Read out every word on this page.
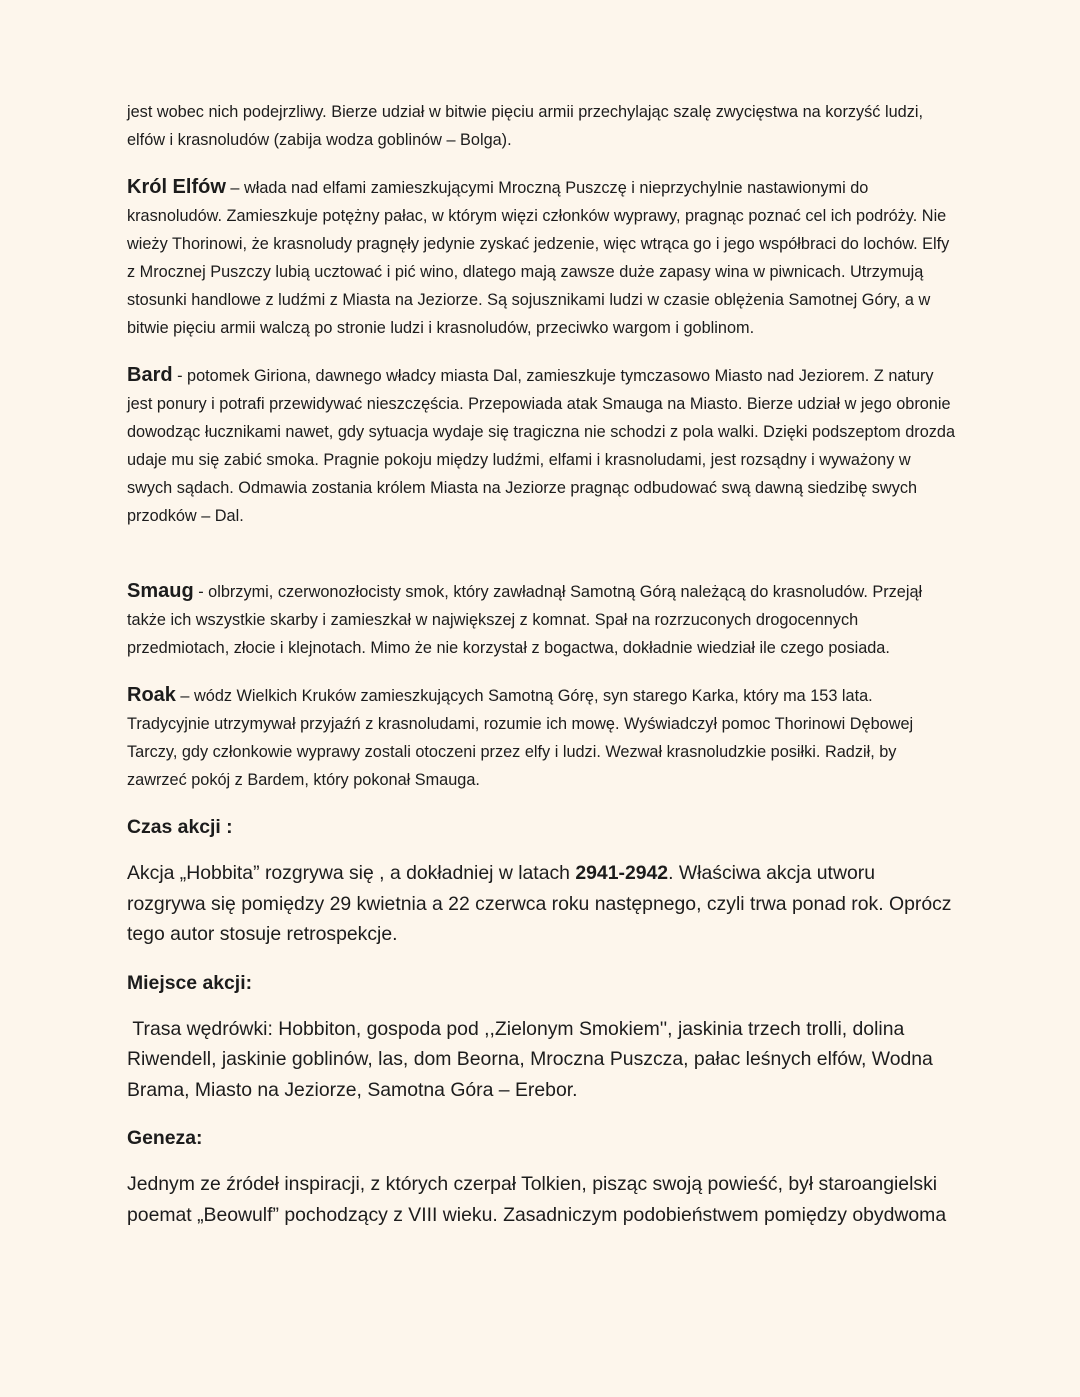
jest wobec nich podejrzliwy. Bierze udział w bitwie pięciu armii przechylając szalę zwycięstwa na korzyść ludzi, elfów i krasnoludów (zabija wodza goblinów – Bolga).

Król Elfów – włada nad elfami zamieszkującymi Mroczną Puszczę i nieprzychylnie nastawionymi do krasnoludów. Zamieszkuje potężny pałac, w którym więzi członków wyprawy, pragnąc poznać cel ich podróży. Nie wieży Thorinowi, że krasnoludy pragnęły jedynie zyskać jedzenie, więc wtrąca go i jego współbraci do lochów. Elfy z Mrocznej Puszczy lubią ucztować i pić wino, dlatego mają zawsze duże zapasy wina w piwnicach. Utrzymują stosunki handlowe z ludźmi z Miasta na Jeziorze. Są sojusznikami ludzi w czasie oblężenia Samotnej Góry, a w bitwie pięciu armii walczą po stronie ludzi i krasnoludów, przeciwko wargom i goblinom.

Bard - potomek Giriona, dawnego władcy miasta Dal, zamieszkuje tymczasowo Miasto nad Jeziorem. Z natury jest ponury i potrafi przewidywać nieszczęścia. Przepowiada atak Smauga na Miasto. Bierze udział w jego obronie dowodząc łucznikami nawet, gdy sytuacja wydaje się tragiczna nie schodzi z pola walki. Dzięki podszeptom drozda udaje mu się zabić smoka. Pragnie pokoju między ludźmi, elfami i krasnoludami, jest rozsądny i wyważony w swych sądach. Odmawia zostania królem Miasta na Jeziorze pragnąc odbudować swą dawną siedzibę swych przodków – Dal.

Smaug - olbrzymi, czerwonozłocisty smok, który zawładnął Samotną Górą należącą do krasnoludów. Przejął także ich wszystkie skarby i zamieszkał w największej z komnat. Spał na rozrzuconych drogocennych przedmiotach, złocie i klejnotach. Mimo że nie korzystał z bogactwa, dokładnie wiedział ile czego posiada.

Roak – wódz Wielkich Kruków zamieszkujących Samotną Górę, syn starego Karka, który ma 153 lata. Tradycyjnie utrzymywał przyjaźń z krasnoludami, rozumie ich mowę. Wyświadczył pomoc Thorinowi Dębowej Tarczy, gdy członkowie wyprawy zostali otoczeni przez elfy i ludzi. Wezwał krasnoludzkie posiłki. Radził, by zawrzeć pokój z Bardem, który pokonał Smauga.

Czas akcji :

Akcja „Hobbita” rozgrywa się , a dokładniej w latach 2941-2942. Właściwa akcja utworu rozgrywa się pomiędzy 29 kwietnia a 22 czerwca roku następnego, czyli trwa ponad rok. Oprócz tego autor stosuje retrospekcje.

Miejsce akcji:

Trasa wędrówki: Hobbiton, gospoda pod ,,Zielonym Smokiem'', jaskinia trzech trolli, dolina Riwendell, jaskinie goblinów, las, dom Beorna, Mroczna Puszcza, pałac leśnych elfów, Wodna Brama, Miasto na Jeziorze, Samotna Góra – Erebor.

Geneza:

Jednym ze źródeł inspiracji, z których czerpał Tolkien, pisząc swoją powieść, był staroangielski poemat „Beowulf” pochodzący z VIII wieku. Zasadniczym podobieństwem pomiędzy obydwoma
